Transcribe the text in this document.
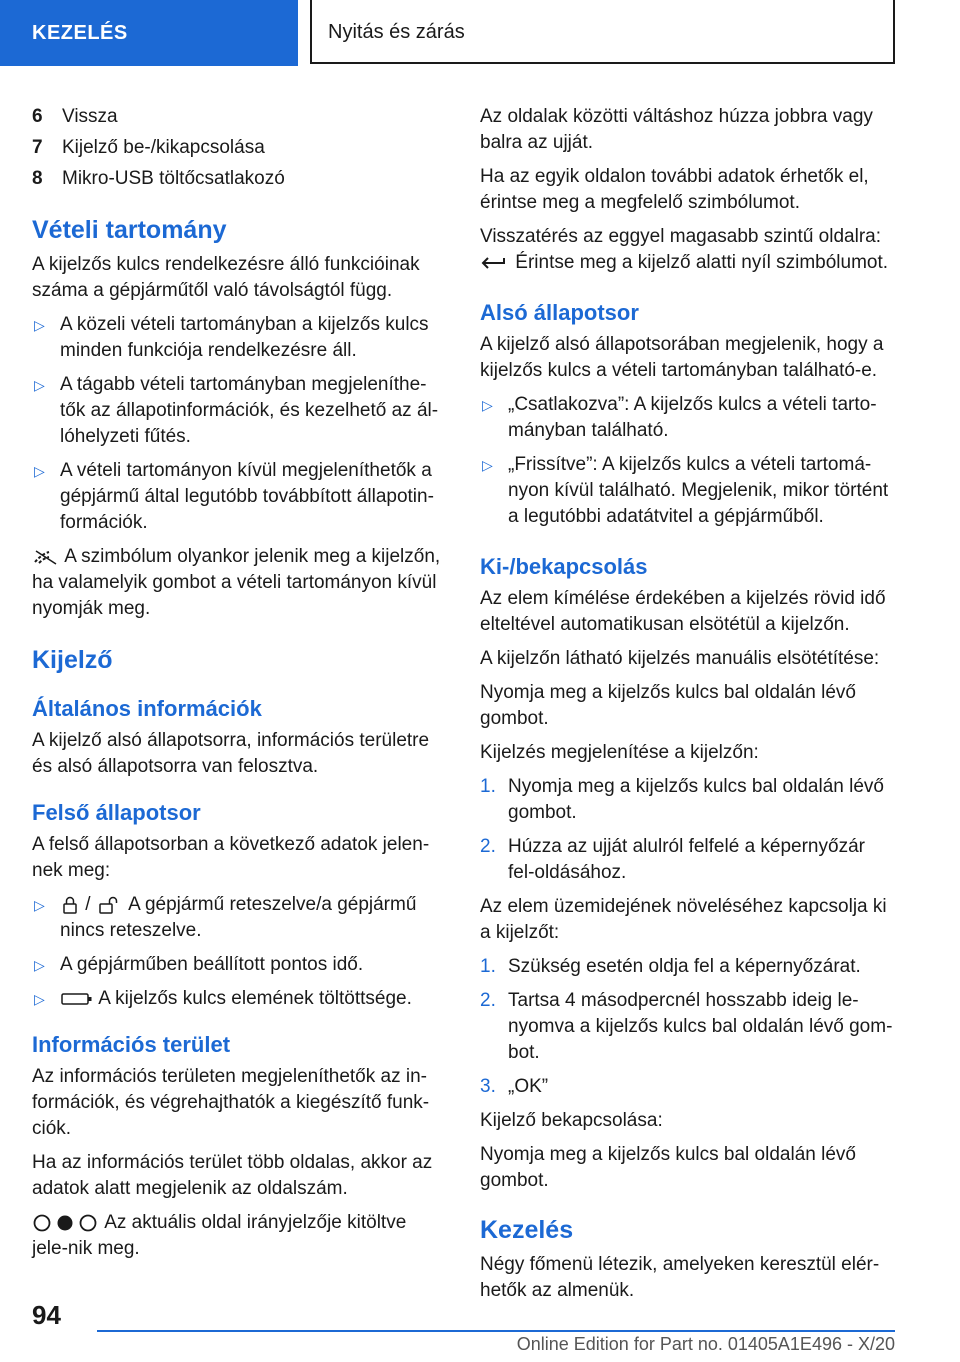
KEZELÉS	Nyitás és zárás
6	Vissza
7	Kijelző be-/kikapcsolása
8	Mikro-USB töltőcsatlakozó
Vételi tartomány

A kijelzős kulcs rendelkezésre álló funkcióinak száma a gépjárműtől való távolságtól függ.

▷ A közeli vételi tartományban a kijelzős kulcs minden funkciója rendelkezésre áll.
▷ A tágabb vételi tartományban megjeleníthe-tők az állapotinformációk, és kezelhető az ál-lóhelyzeti fűtés.
▷ A vételi tartományon kívül megjeleníthetők a gépjármű által legutóbb továbbított állapotin-formációk.

A szimbólum olyankor jelenik meg a kijelzőn, ha valamelyik gombot a vételi tartományon kívül nyomják meg.

Kijelző
Általános információk

A kijelző alsó állapotsorra, információs területre és alsó állapotsorra van felosztva.

Felső állapotsor

A felső állapotsorban a következő adatok jelen-nek meg:

▷ / A gépjármű reteszelve/a gépjármű nincs reteszelve.
▷ A gépjárműben beállított pontos idő.
▷	A kijelzős kulcs elemének töltöttsége.
Információs terület

Az információs területen megjeleníthetők az in-formációk, és végrehajthatók a kiegészítő funk-ciók.

Ha az információs terület több oldalas, akkor az adatok alatt megjelenik az oldalszám.

Az aktuális oldal irányjelzője kitöltve jele-nik meg.

Az oldalak közötti váltáshoz húzza jobbra vagy balra az ujját.

Ha az egyik oldalon további adatok érhetők el, érintse meg a megfelelő szimbólumot.

Visszatérés az eggyel magasabb szintű oldalra:
Érintse meg a kijelző alatti nyíl szimbólumot.

Alsó állapotsor

A kijelző alsó állapotsorában megjelenik, hogy a kijelzős kulcs a vételi tartományban található-e.

▷ „Csatlakozva”: A kijelzős kulcs a vételi tarto-mányban található.
▷ „Frissítve”: A kijelzős kulcs a vételi tartomá-nyon kívül található. Megjelenik, mikor történt a legutóbbi adatátvitel a gépjárműből.
Ki-/bekapcsolás

Az elem kímélése érdekében a kijelzés rövid idő elteltével automatikusan elsötétül a kijelzőn.

A kijelzőn látható kijelzés manuális elsötétítése:

Nyomja meg a kijelzős kulcs bal oldalán lévő gombot.

Kijelzés megjelenítése a kijelzőn:

1. Nyomja meg a kijelzős kulcs bal oldalán lévő gombot.
2. Húzza az ujját alulról felfelé a képernyőzár fel-oldásához.

Az elem üzemidejének növeléséhez kapcsolja ki a kijelzőt:

1. Szükség esetén oldja fel a képernyőzárat.
2. Tartsa 4 másodpercnél hosszabb ideig le-nyomva a kijelzős kulcs bal oldalán lévő gom-bot.
3. „OK”

Kijelző bekapcsolása:

Nyomja meg a kijelzős kulcs bal oldalán lévő gombot.

Kezelés

Négy főmenü létezik, amelyeken keresztül elér-hetők az almenük.

94
Online Edition for Part no. 01405A1E496 - X/20
